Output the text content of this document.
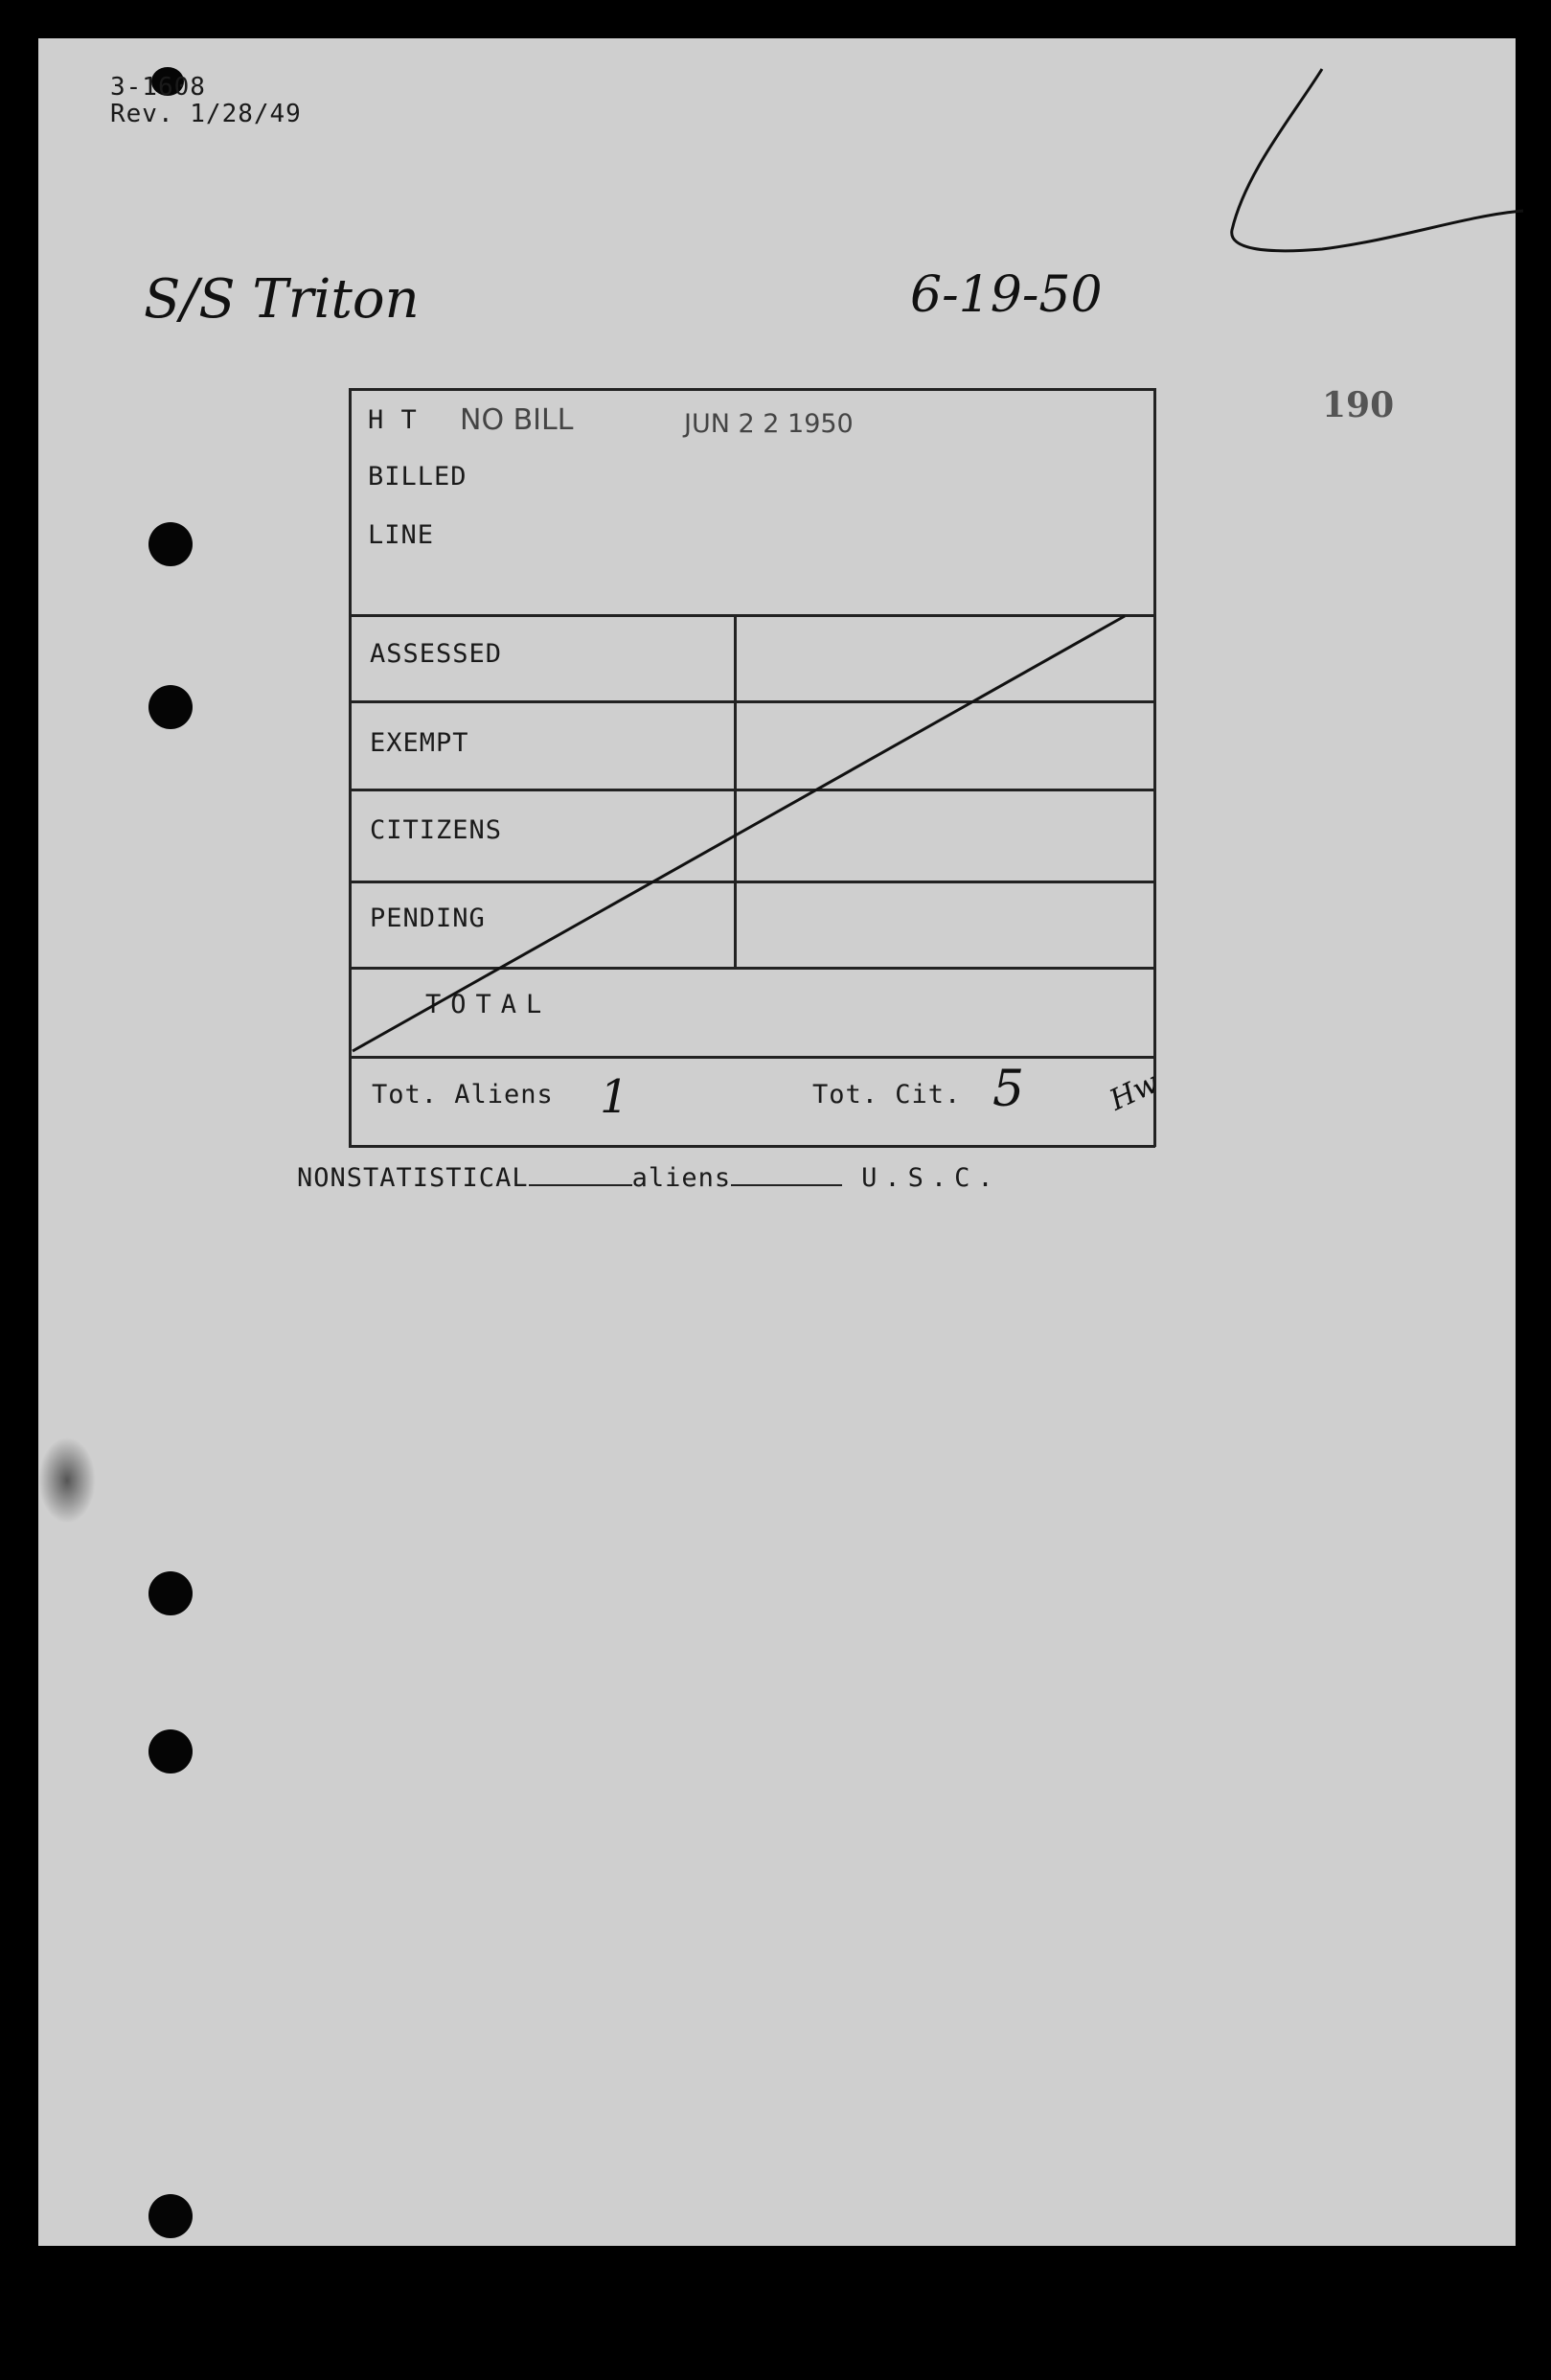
3-1608
Rev. 1/28/49
S/S Triton	6-19-50
190
H T NO BILL	JUN 2 2 1950
BILLED
LINE
ASSESSED
EXEMPT
CITIZENS
PENDING
TOTAL
Tot. Aliens 1	Tot. Cit. 5	Hw
NONSTATISTICAL	aliens	U.S.C.
